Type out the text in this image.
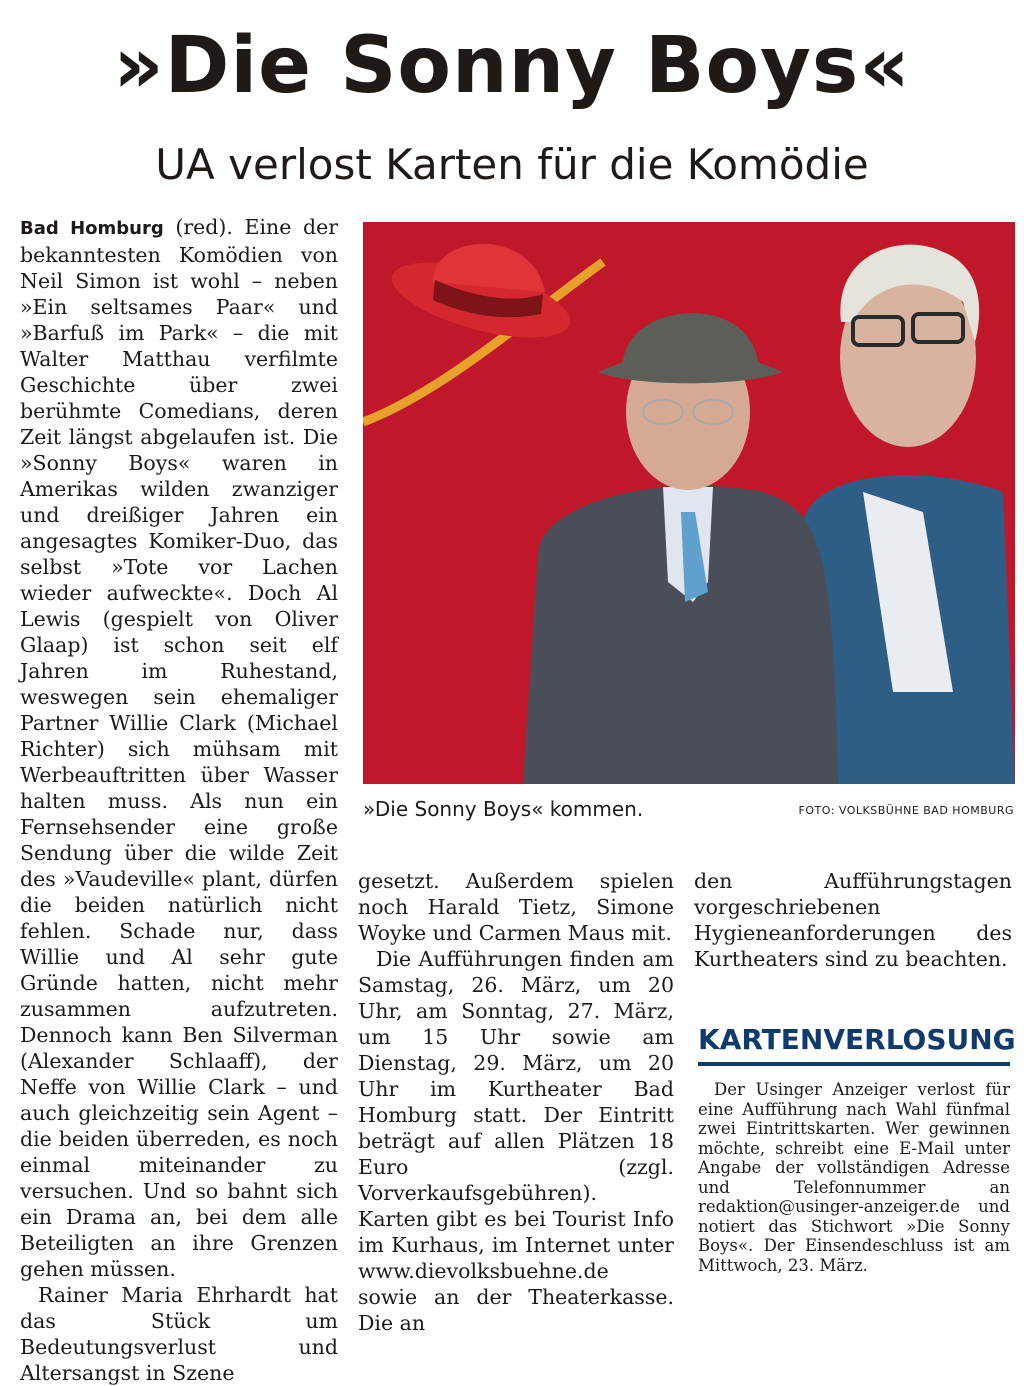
»Die Sonny Boys«
UA verlost Karten für die Komödie

Bad Homburg (red). Eine der bekanntesten Komödien von Neil Simon ist wohl – neben »Ein seltsames Paar« und »Barfuß im Park« – die mit Walter Matthau verfilmte Geschichte über zwei berühmte Comedians, deren Zeit längst abgelaufen ist. Die »Sonny Boys« waren in Amerikas wilden zwanziger und dreißiger Jahren ein angesagtes Komiker-Duo, das selbst »Tote vor Lachen wieder aufweckte«. Doch Al Lewis (gespielt von Oliver Glaap) ist schon seit elf Jahren im Ruhestand, weswegen sein ehemaliger Partner Willie Clark (Michael Richter) sich mühsam mit Werbeauftritten über Wasser halten muss. Als nun ein Fernsehsender eine große Sendung über die wilde Zeit des »Vaudeville« plant, dürfen die beiden natürlich nicht fehlen. Schade nur, dass Willie und Al sehr gute Gründe hatten, nicht mehr zusammen aufzutreten. Dennoch kann Ben Silverman (Alexander Schlaaff), der Neffe von Willie Clark – und auch gleichzeitig sein Agent – die beiden überreden, es noch einmal miteinander zu versuchen. Und so bahnt sich ein Drama an, bei dem alle Beteiligten an ihre Grenzen gehen müssen.

Rainer Maria Ehrhardt hat das Stück um Bedeutungsverlust und Altersangst in Szene

»Die Sonny Boys« kommen.	FOTO: VOLKSBÜHNE BAD HOMBURG

gesetzt. Außerdem spielen noch Harald Tietz, Simone Woyke und Carmen Maus mit.

Die Aufführungen finden am Samstag, 26. März, um 20 Uhr, am Sonntag, 27. März, um 15 Uhr sowie am Dienstag, 29. März, um 20 Uhr im Kurtheater Bad Homburg statt. Der Eintritt beträgt auf allen Plätzen 18 Euro (zzgl. Vorverkaufsgebühren). Karten gibt es bei Tourist Info im Kurhaus, im Internet unter www.dievolksbuehne.de sowie an der Theaterkasse. Die an

den Aufführungstagen vorgeschriebenen Hygieneanforderungen des Kurtheaters sind zu beachten.

KARTENVERLOSUNG
Der Usinger Anzeiger verlost für eine Aufführung nach Wahl fünfmal zwei Eintrittskarten. Wer gewinnen möchte, schreibt eine E-Mail unter Angabe der vollständigen Adresse und Telefonnummer an redaktion@usinger-anzeiger.de und notiert das Stichwort »Die Sonny Boys«. Der Einsendeschluss ist am Mittwoch, 23. März.
